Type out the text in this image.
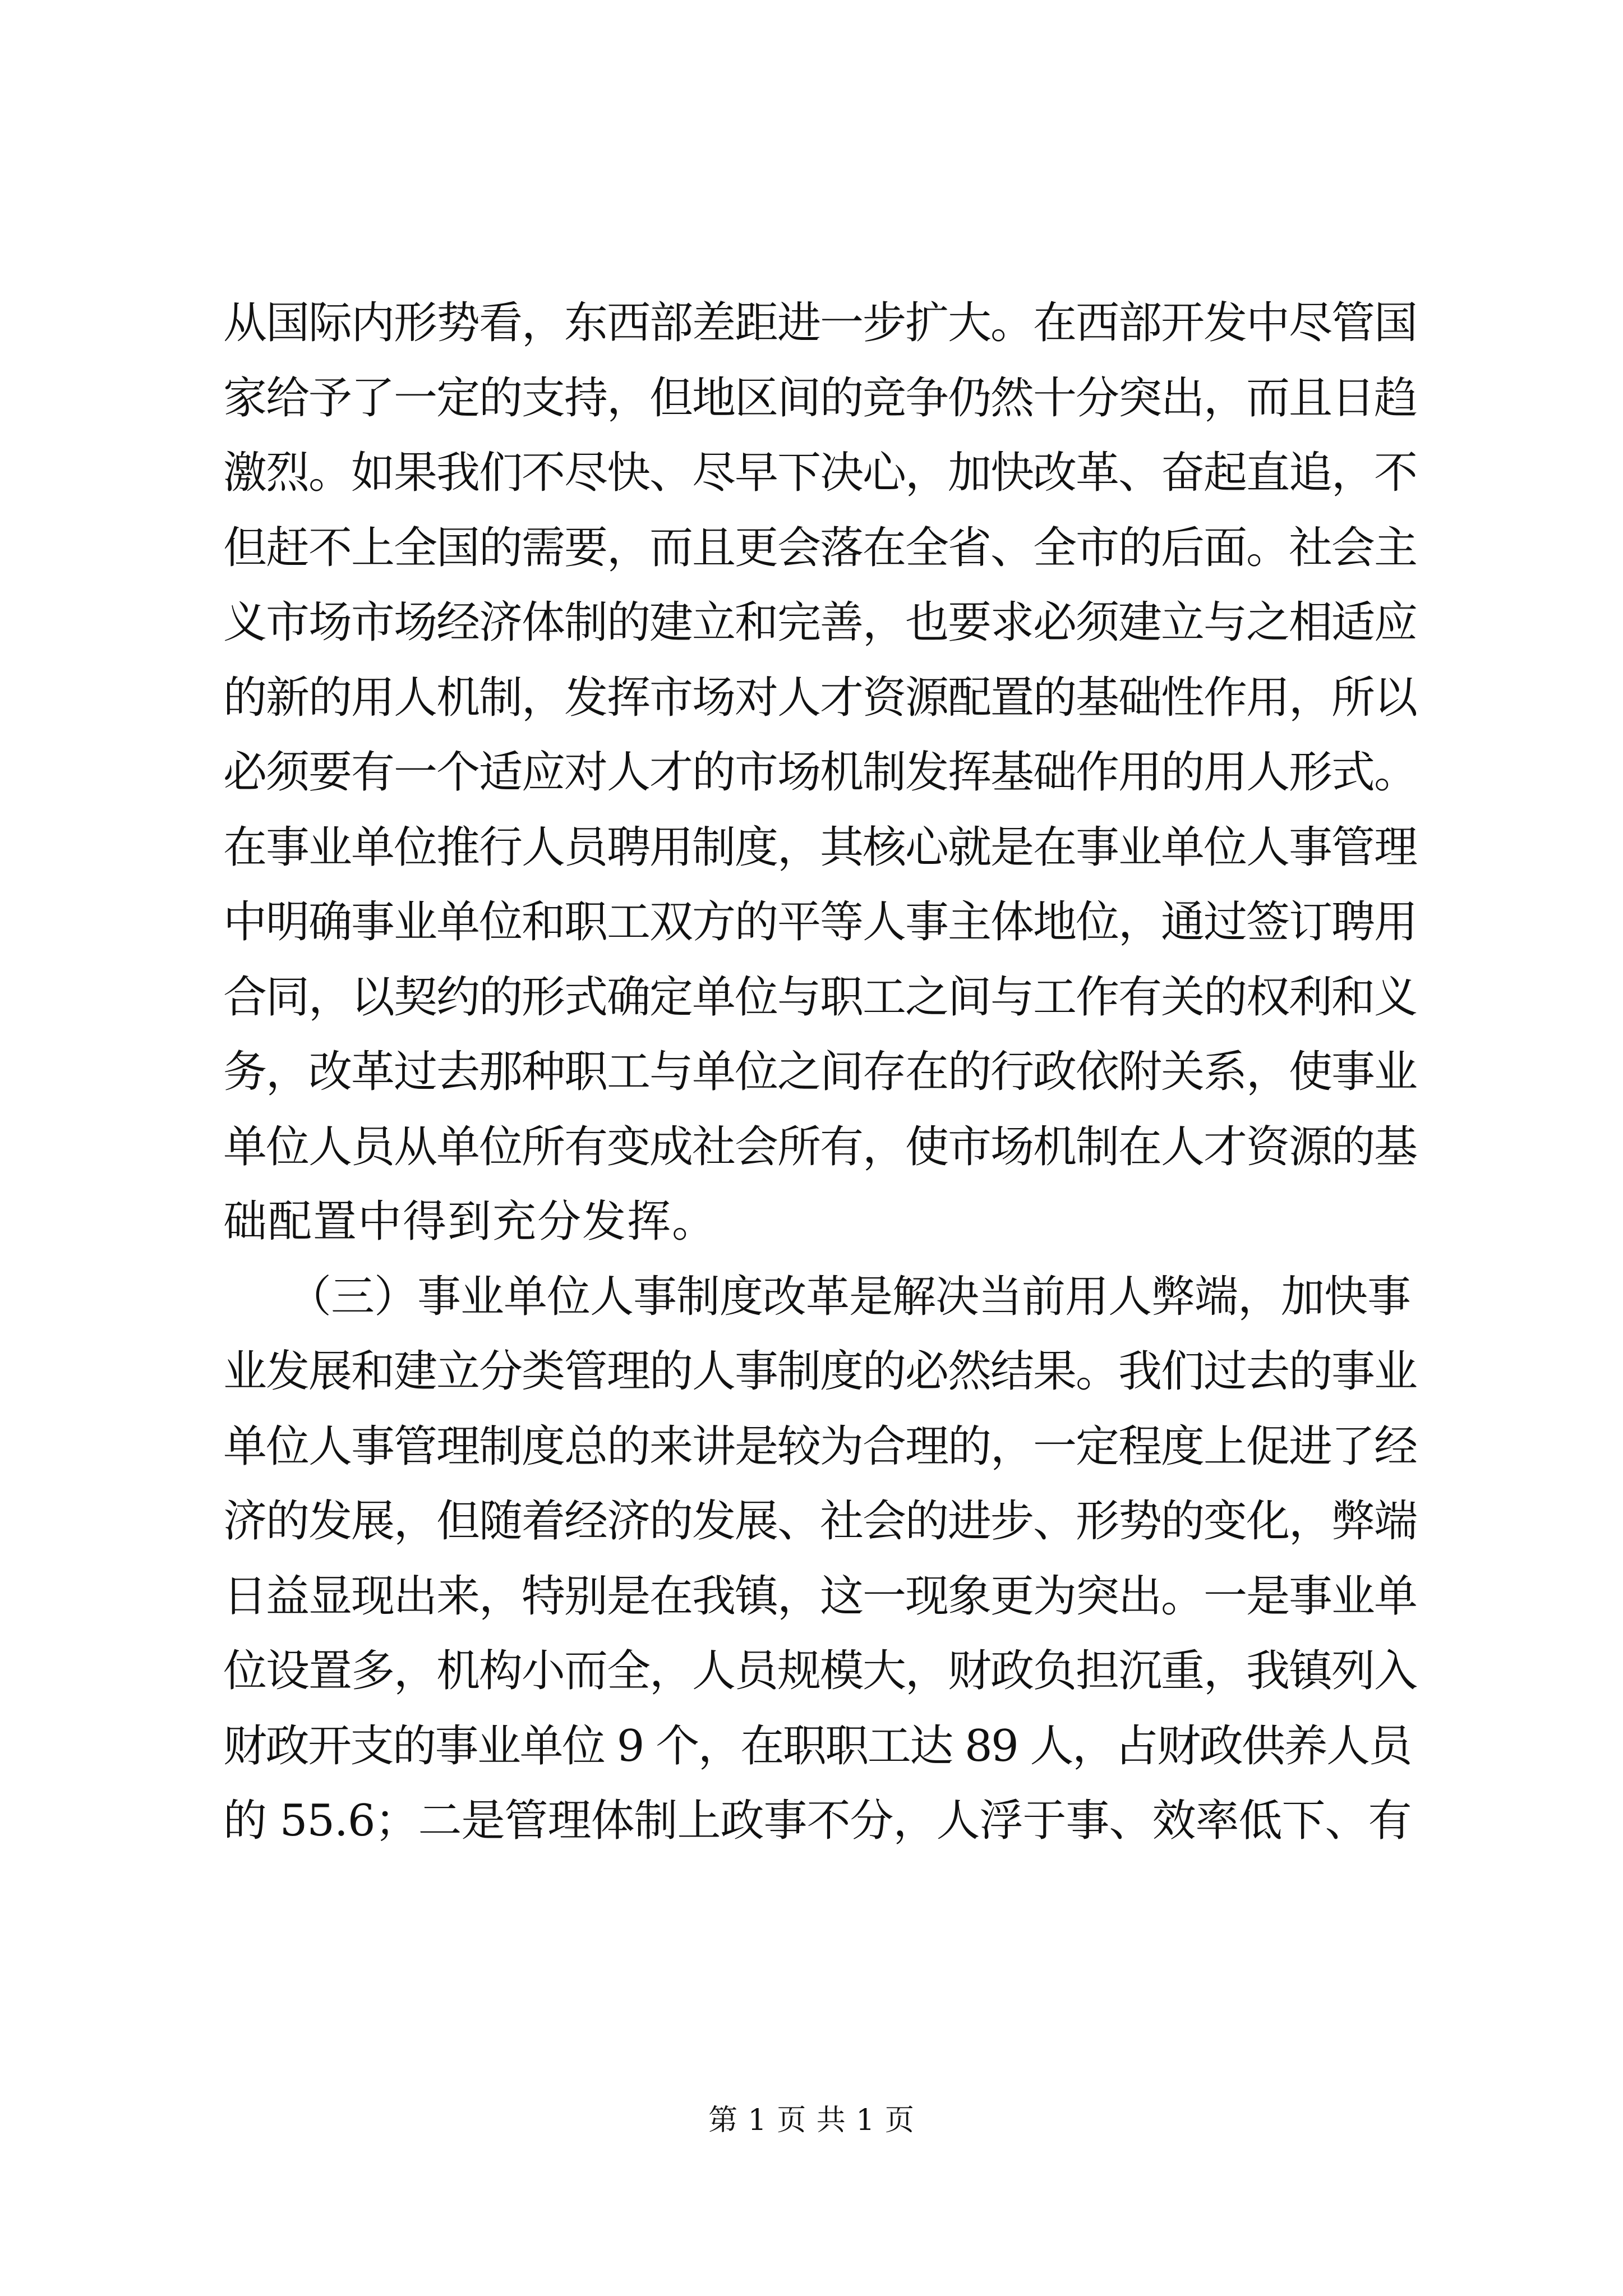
从国际内形势看，东西部差距进一步扩大。在西部开发中尽管国
家给予了一定的支持，但地区间的竞争仍然十分突出，而且日趋
激烈。如果我们不尽快、尽早下决心，加快改革、奋起直追，不
但赶不上全国的需要，而且更会落在全省、全市的后面。社会主
义市场市场经济体制的建立和完善，也要求必须建立与之相适应
的新的用人机制，发挥市场对人才资源配置的基础性作用，所以
必须要有一个适应对人才的市场机制发挥基础作用的用人形式。
在事业单位推行人员聘用制度，其核心就是在事业单位人事管理
中明确事业单位和职工双方的平等人事主体地位，通过签订聘用
合同，以契约的形式确定单位与职工之间与工作有关的权利和义
务，改革过去那种职工与单位之间存在的行政依附关系，使事业
单位人员从单位所有变成社会所有，使市场机制在人才资源的基
础配置中得到充分发挥。
　　（三）事业单位人事制度改革是解决当前用人弊端，加快事
业发展和建立分类管理的人事制度的必然结果。我们过去的事业
单位人事管理制度总的来讲是较为合理的，一定程度上促进了经
济的发展，但随着经济的发展、社会的进步、形势的变化，弊端
日益显现出来，特别是在我镇，这一现象更为突出。一是事业单
位设置多，机构小而全，人员规模大，财政负担沉重，我镇列入
财政开支的事业单位 9 个，在职职工达 89 人，占财政供养人员
的 55.6；二是管理体制上政事不分，人浮于事、效率低下、有
第 1 页 共 1 页
